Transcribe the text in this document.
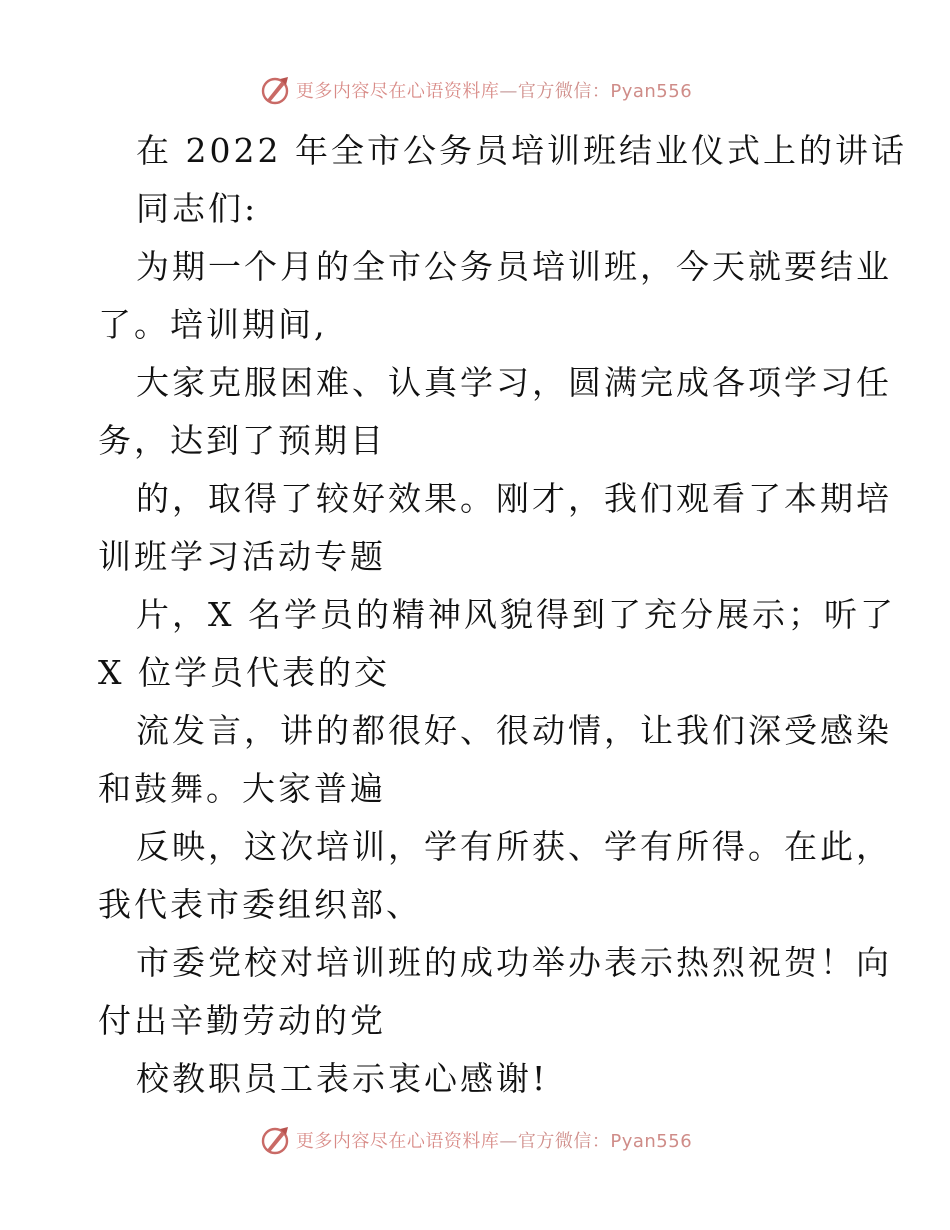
更多内容尽在心语资料库—官方微信：Pyan556
在 2022 年全市公务员培训班结业仪式上的讲话
同志们:
为期一个月的全市公务员培训班，今天就要结业
了。培训期间,
大家克服困难、认真学习，圆满完成各项学习任
务，达到了预期目
的，取得了较好效果。刚才，我们观看了本期培
训班学习活动专题
片，X 名学员的精神风貌得到了充分展示；听了
X 位学员代表的交
流发言，讲的都很好、很动情，让我们深受感染
和鼓舞。大家普遍
反映，这次培训，学有所获、学有所得。在此，
我代表市委组织部、
市委党校对培训班的成功举办表示热烈祝贺！向
付出辛勤劳动的党
校教职员工表示衷心感谢!
更多内容尽在心语资料库—官方微信：Pyan556
